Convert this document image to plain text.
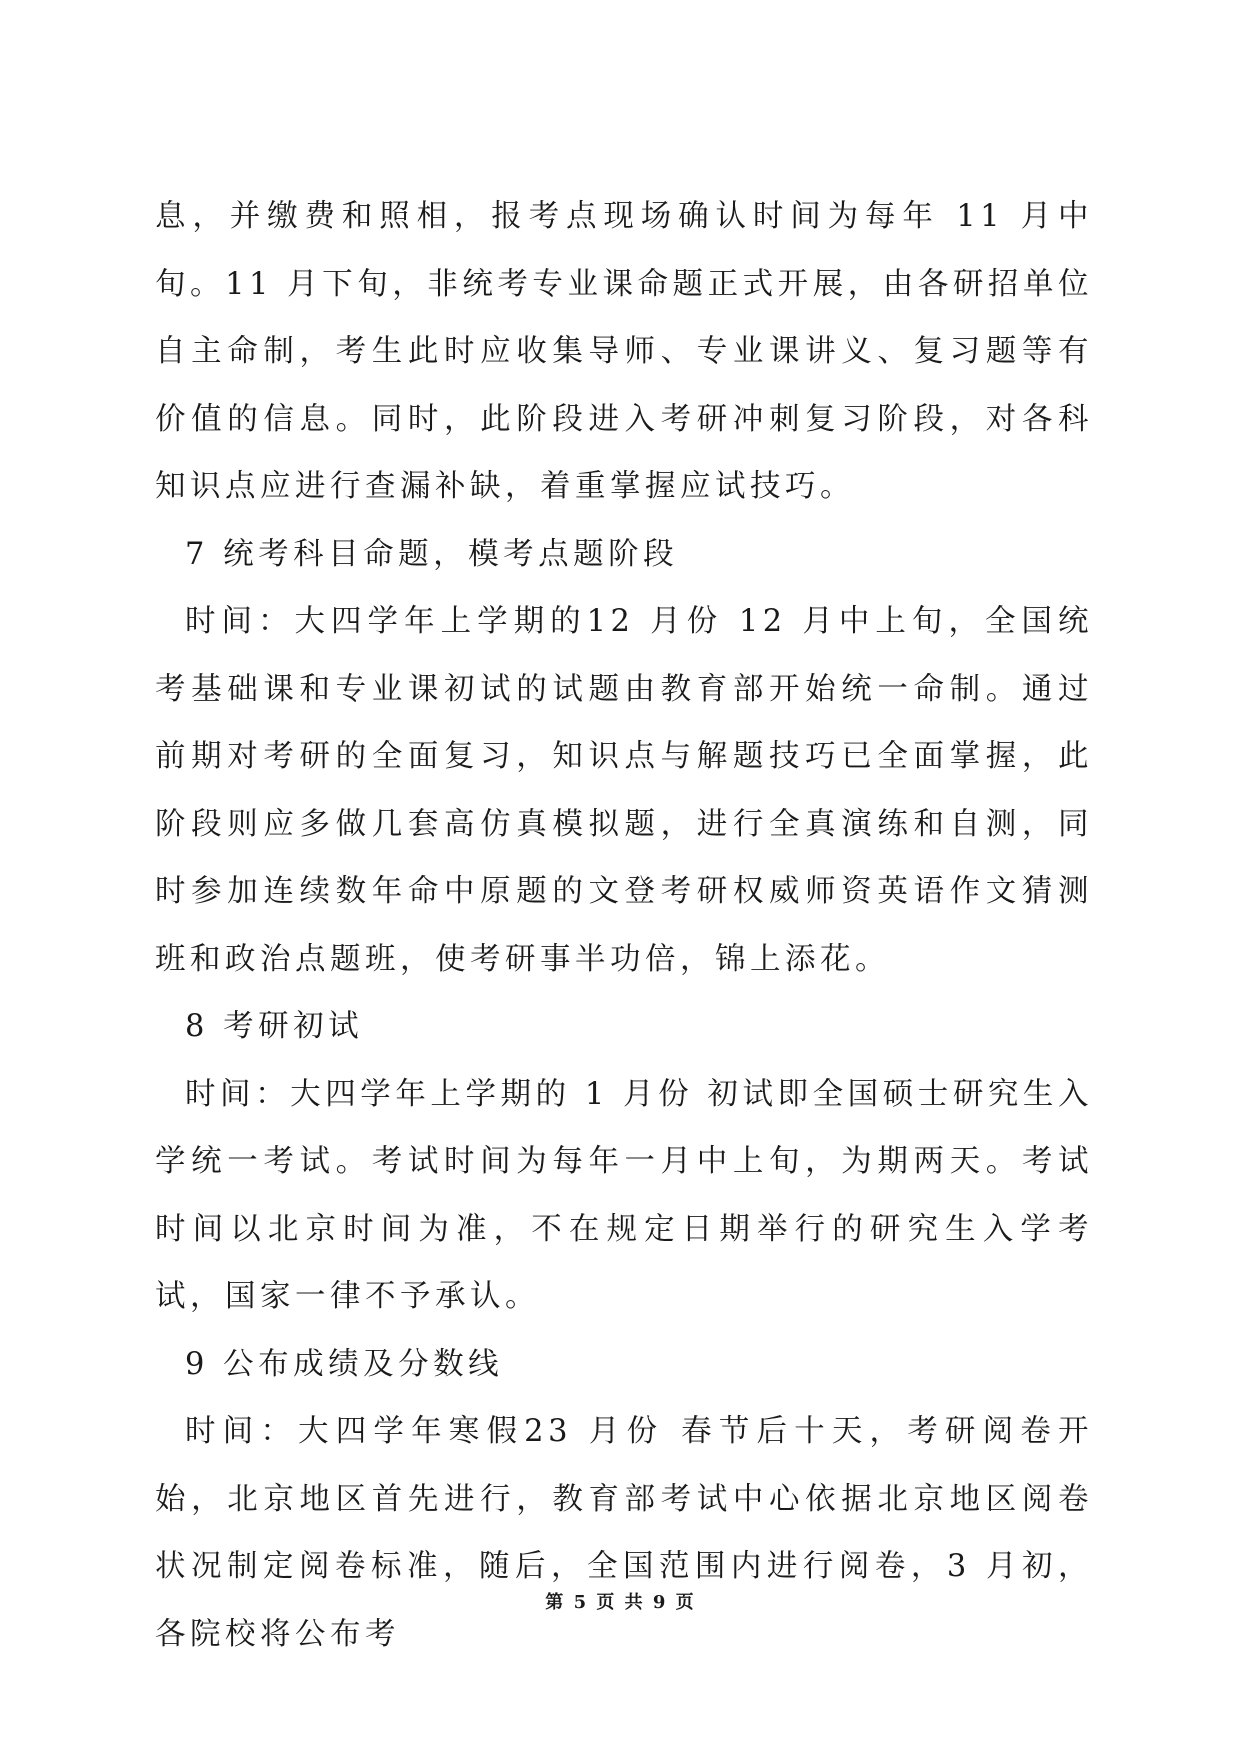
息，并缴费和照相，报考点现场确认时间为每年 11 月中旬。11 月下旬，非统考专业课命题正式开展，由各研招单位自主命制，考生此时应收集导师、专业课讲义、复习题等有价值的信息。同时，此阶段进入考研冲刺复习阶段，对各科知识点应进行查漏补缺，着重掌握应试技巧。

7 统考科目命题，模考点题阶段

时间：大四学年上学期的12 月份 12 月中上旬，全国统考基础课和专业课初试的试题由教育部开始统一命制。通过前期对考研的全面复习，知识点与解题技巧已全面掌握，此阶段则应多做几套高仿真模拟题，进行全真演练和自测，同时参加连续数年命中原题的文登考研权威师资英语作文猜测班和政治点题班，使考研事半功倍，锦上添花。

8 考研初试

时间：大四学年上学期的 1 月份 初试即全国硕士研究生入学统一考试。考试时间为每年一月中上旬，为期两天。考试时间以北京时间为准，不在规定日期举行的研究生入学考试，国家一律不予承认。

9 公布成绩及分数线

时间：大四学年寒假23 月份 春节后十天，考研阅卷开始，北京地区首先进行，教育部考试中心依据北京地区阅卷状况制定阅卷标准，随后，全国范围内进行阅卷，3 月初，各院校将公布考

第 5 页 共 9 页
